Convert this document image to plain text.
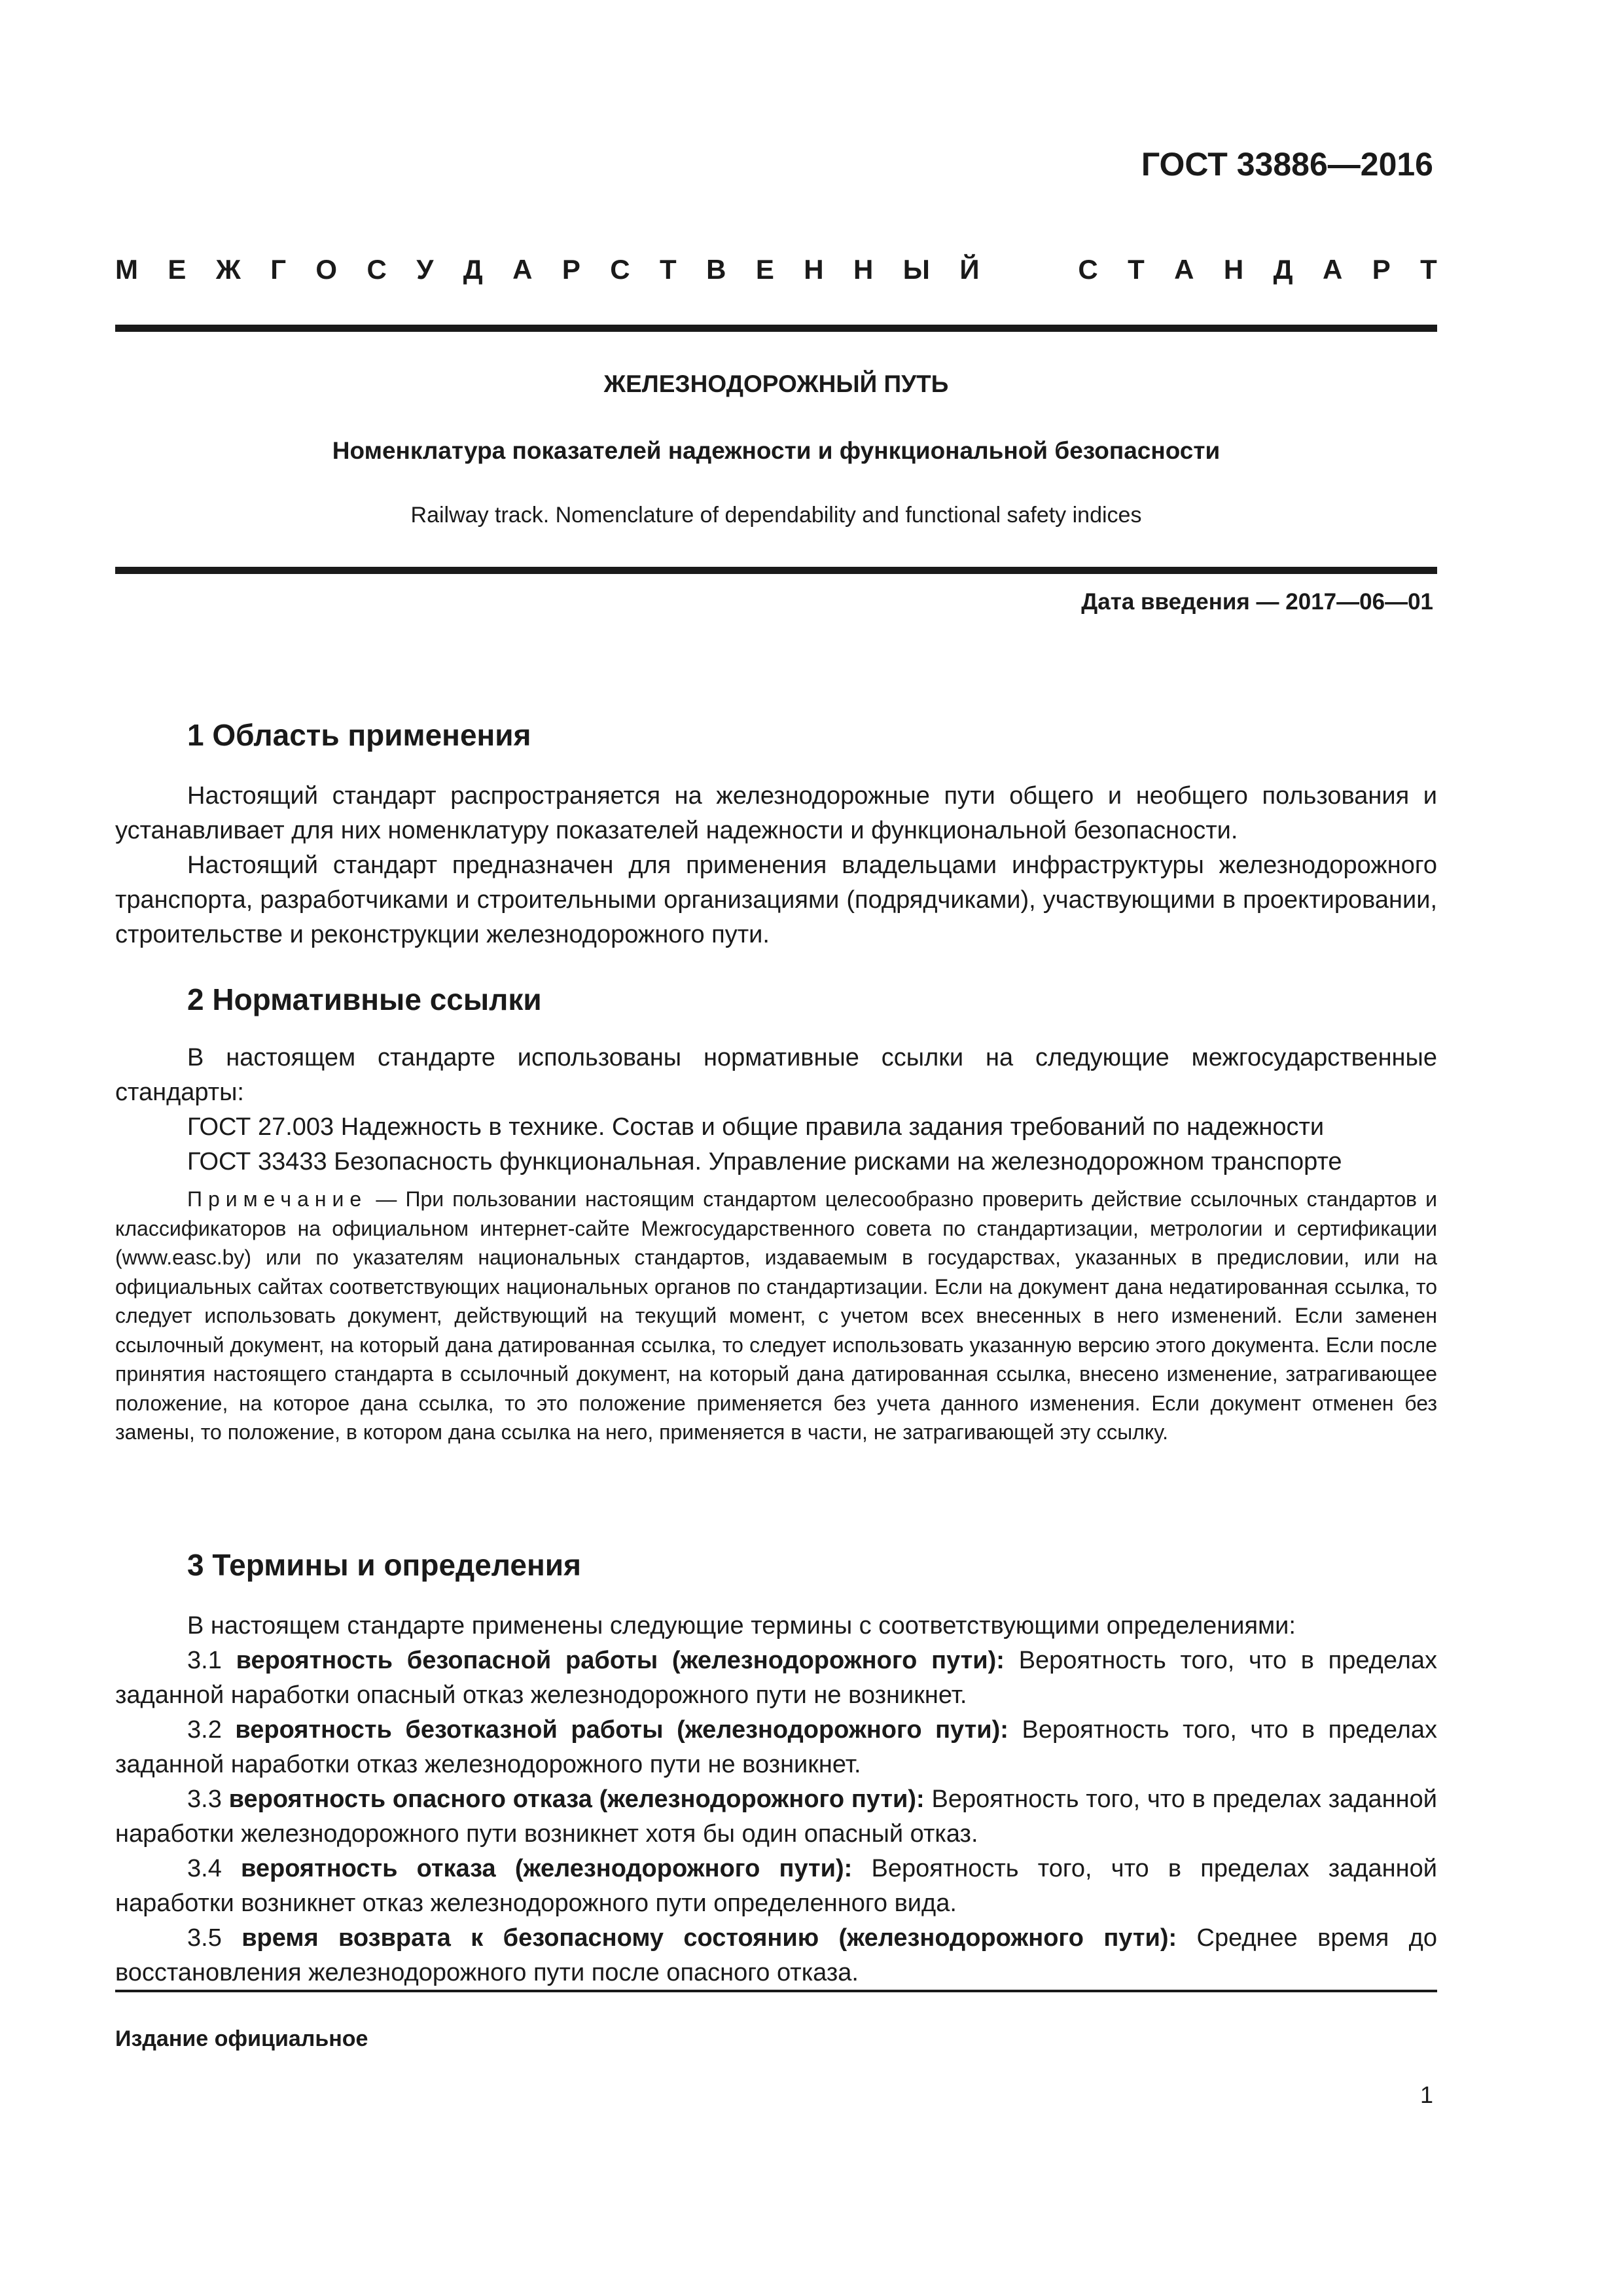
ГОСТ 33886—2016
М Е Ж Г О С У Д А Р С Т В Е Н Н Ы Й	С Т А Н Д А Р Т
ЖЕЛЕЗНОДОРОЖНЫЙ ПУТЬ
Номенклатура показателей надежности и функциональной безопасности
Railway track. Nomenclature of dependability and functional safety indices
Дата введения — 2017—06—01
1 Область применения

Настоящий стандарт распространяется на железнодорожные пути общего и необщего пользования и устанавливает для них номенклатуру показателей надежности и функциональной безопасности.

Настоящий стандарт предназначен для применения владельцами инфраструктуры железнодорожного транспорта, разработчиками и строительными организациями (подрядчиками), участвующими в проектировании, строительстве и реконструкции железнодорожного пути.

2 Нормативные ссылки

В настоящем стандарте использованы нормативные ссылки на следующие межгосударственные стандарты:

ГОСТ 27.003 Надежность в технике. Состав и общие правила задания требований по надежности
ГОСТ 33433 Безопасность функциональная. Управление рисками на железнодорожном транспорте

Примечание — При пользовании настоящим стандартом целесообразно проверить действие ссылочных стандартов и классификаторов на официальном интернет-сайте Межгосударственного совета по стандартизации, метрологии и сертификации (www.easc.by) или по указателям национальных стандартов, издаваемым в государствах, указанных в предисловии, или на официальных сайтах соответствующих национальных органов по стандартизации. Если на документ дана недатированная ссылка, то следует использовать документ, действующий на текущий момент, с учетом всех внесенных в него изменений. Если заменен ссылочный документ, на который дана датированная ссылка, то следует использовать указанную версию этого документа. Если после принятия настоящего стандарта в ссылочный документ, на который дана датированная ссылка, внесено изменение, затрагивающее положение, на которое дана ссылка, то это положение применяется без учета данного изменения. Если документ отменен без замены, то положение, в котором дана ссылка на него, применяется в части, не затрагивающей эту ссылку.

3 Термины и определения

В настоящем стандарте применены следующие термины с соответствующими определениями:

3.1 вероятность безопасной работы (железнодорожного пути): Вероятность того, что в пределах заданной наработки опасный отказ железнодорожного пути не возникнет.

3.2 вероятность безотказной работы (железнодорожного пути): Вероятность того, что в пределах заданной наработки отказ железнодорожного пути не возникнет.

3.3 вероятность опасного отказа (железнодорожного пути): Вероятность того, что в пределах заданной наработки железнодорожного пути возникнет хотя бы один опасный отказ.

3.4 вероятность отказа (железнодорожного пути): Вероятность того, что в пределах заданной наработки возникнет отказ железнодорожного пути определенного вида.

3.5 время возврата к безопасному состоянию (железнодорожного пути): Среднее время до восстановления железнодорожного пути после опасного отказа.

Издание официальное
1
